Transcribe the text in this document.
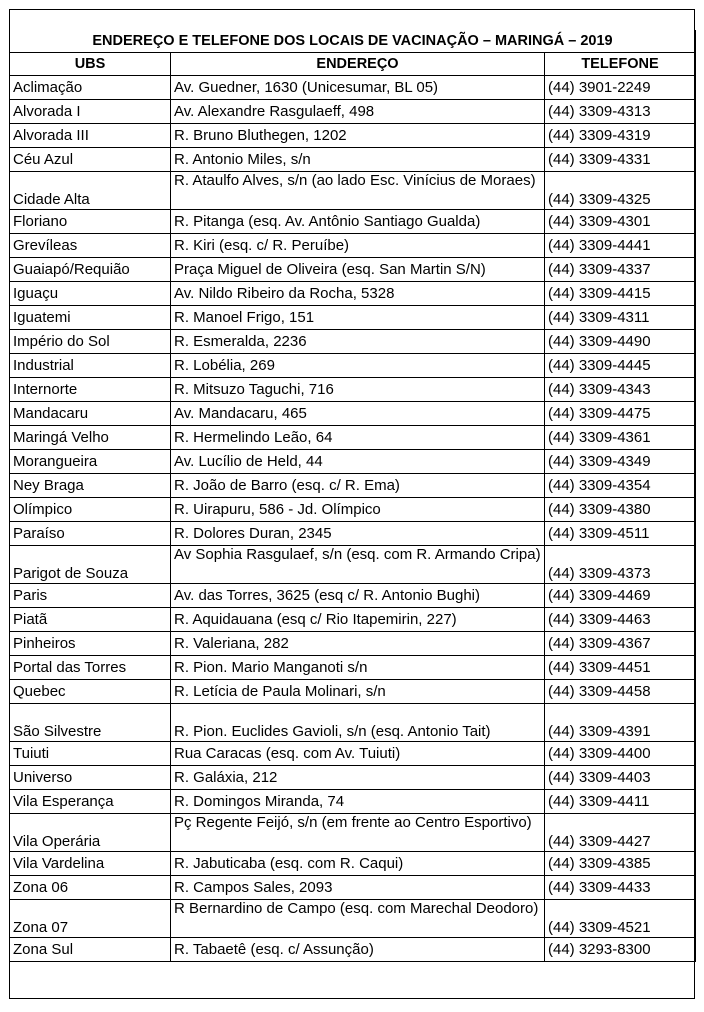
ENDEREÇO E TELEFONE DOS LOCAIS DE VACINAÇÃO – MARINGÁ – 2019		
UBS	ENDEREÇO	TELEFONE
Aclimação	Av. Guedner, 1630 (Unicesumar, BL 05)	(44) 3901-2249
Alvorada I	Av. Alexandre Rasgulaeff, 498	(44) 3309-4313
Alvorada III	R. Bruno Bluthegen, 1202	(44) 3309-4319
Céu Azul	R. Antonio Miles, s/n	(44) 3309-4331
Cidade Alta	R. Ataulfo Alves, s/n (ao lado Esc. Vinícius de Moraes)	(44) 3309-4325
Floriano	R. Pitanga (esq. Av. Antônio Santiago Gualda)	(44) 3309-4301
Grevíleas	R. Kiri (esq. c/ R. Peruíbe)	(44) 3309-4441
Guaiapó/Requião	Praça Miguel de Oliveira (esq. San Martin S/N)	(44) 3309-4337
Iguaçu	Av. Nildo Ribeiro da Rocha, 5328	(44) 3309-4415
Iguatemi	R. Manoel Frigo, 151	(44) 3309-4311
Império do Sol	R. Esmeralda, 2236	(44) 3309-4490
Industrial	R. Lobélia, 269	(44) 3309-4445
Internorte	R. Mitsuzo Taguchi, 716	(44) 3309-4343
Mandacaru	Av. Mandacaru, 465	(44) 3309-4475
Maringá Velho	R. Hermelindo Leão, 64	(44) 3309-4361
Morangueira	Av. Lucílio de Held, 44	(44) 3309-4349
Ney Braga	R. João de Barro (esq. c/ R. Ema)	(44) 3309-4354
Olímpico	R. Uirapuru, 586 - Jd. Olímpico	(44) 3309-4380
Paraíso	R. Dolores Duran, 2345	(44) 3309-4511
Parigot de Souza	Av Sophia Rasgulaef, s/n (esq. com R. Armando Cripa)	(44) 3309-4373
Paris	Av. das Torres, 3625 (esq c/ R. Antonio Bughi)	(44) 3309-4469
Piatã	R. Aquidauana (esq c/ Rio Itapemirin, 227)	(44) 3309-4463
Pinheiros	R. Valeriana, 282	(44) 3309-4367
Portal das Torres	R. Pion. Mario Manganoti s/n	(44) 3309-4451
Quebec	R. Letícia de Paula Molinari, s/n	(44) 3309-4458
São Silvestre	R. Pion. Euclides Gavioli, s/n (esq. Antonio Tait)	(44) 3309-4391
Tuiuti	Rua Caracas (esq. com Av. Tuiuti)	(44) 3309-4400
Universo	R. Galáxia, 212	(44) 3309-4403
Vila Esperança	R. Domingos Miranda, 74	(44) 3309-4411
Vila Operária	Pç Regente Feijó, s/n (em frente ao Centro Esportivo)	(44) 3309-4427
Vila Vardelina	R. Jabuticaba (esq. com R. Caqui)	(44) 3309-4385
Zona 06	R. Campos Sales, 2093	(44) 3309-4433
Zona 07	R Bernardino de Campo (esq. com Marechal Deodoro)	(44) 3309-4521
Zona Sul	R. Tabaetê (esq. c/ Assunção)	(44) 3293-8300
